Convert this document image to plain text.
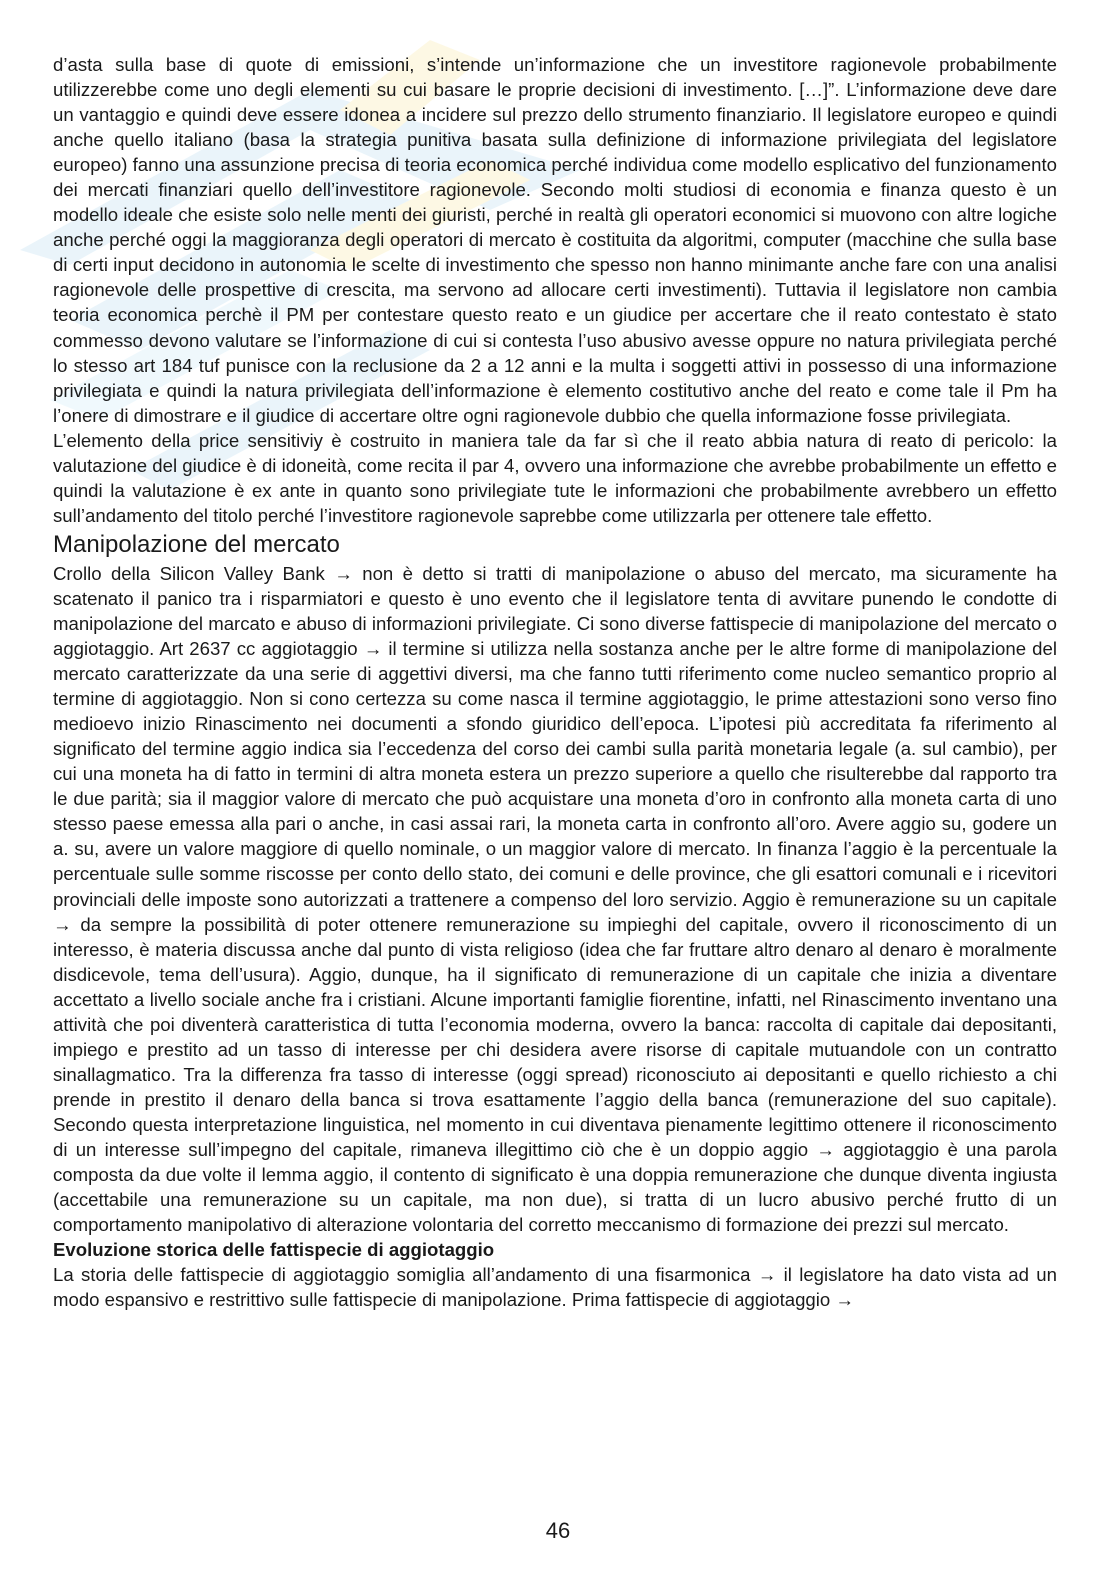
d’asta sulla base di quote di emissioni, s’intende un’informazione che un investitore ragionevole probabilmente utilizzerebbe come uno degli elementi su cui basare le proprie decisioni di investimento. […]”. L’informazione deve dare un vantaggio e quindi deve essere idonea a incidere sul prezzo dello strumento finanziario. Il legislatore europeo e quindi anche quello italiano (basa la strategia punitiva basata sulla definizione di informazione privilegiata del legislatore europeo) fanno una assunzione precisa di teoria economica perché individua come modello esplicativo del funzionamento dei mercati finanziari quello dell’investitore ragionevole. Secondo molti studiosi di economia e finanza questo è un modello ideale che esiste solo nelle menti dei giuristi, perché in realtà gli operatori economici si muovono con altre logiche anche perché oggi la maggioranza degli operatori di mercato è costituita da algoritmi, computer (macchine che sulla base di certi input decidono in autonomia le scelte di investimento che spesso non hanno minimante anche fare con una analisi ragionevole delle prospettive di crescita, ma servono ad allocare certi investimenti). Tuttavia il legislatore non cambia teoria economica perchè il PM per contestare questo reato e un giudice per accertare che il reato contestato è stato commesso devono valutare se l’informazione di cui si contesta l’uso abusivo avesse oppure no natura privilegiata perché lo stesso art 184 tuf punisce con la reclusione da 2 a 12 anni e la multa i soggetti attivi in possesso di una informazione privilegiata e quindi la natura privilegiata dell’informazione è elemento costitutivo anche del reato e come tale il Pm ha l’onere di dimostrare e il giudice di accertare oltre ogni ragionevole dubbio che quella informazione fosse privilegiata.

L’elemento della price sensitiviy è costruito in maniera tale da far sì che il reato abbia natura di reato di pericolo: la valutazione del giudice è di idoneità, come recita il par 4, ovvero una informazione che avrebbe probabilmente un effetto e quindi la valutazione è ex ante in quanto sono privilegiate tute le informazioni che probabilmente avrebbero un effetto sull’andamento del titolo perché l’investitore ragionevole saprebbe come utilizzarla per ottenere tale effetto.

Manipolazione del mercato

Crollo della Silicon Valley Bank → non è detto si tratti di manipolazione o abuso del mercato, ma sicuramente ha scatenato il panico tra i risparmiatori e questo è uno evento che il legislatore tenta di avvitare punendo le condotte di manipolazione del marcato e abuso di informazioni privilegiate. Ci sono diverse fattispecie di manipolazione del mercato o aggiotaggio. Art 2637 cc aggiotaggio → il termine si utilizza nella sostanza anche per le altre forme di manipolazione del mercato caratterizzate da una serie di aggettivi diversi, ma che fanno tutti riferimento come nucleo semantico proprio al termine di aggiotaggio. Non si cono certezza su come nasca il termine aggiotaggio, le prime attestazioni sono verso fino medioevo inizio Rinascimento nei documenti a sfondo giuridico dell’epoca. L’ipotesi più accreditata fa riferimento al significato del termine aggio indica sia l’eccedenza del corso dei cambi sulla parità monetaria legale (a. sul cambio), per cui una moneta ha di fatto in termini di altra moneta estera un prezzo superiore a quello che risulterebbe dal rapporto tra le due parità; sia il maggior valore di mercato che può acquistare una moneta d’oro in confronto alla moneta carta di uno stesso paese emessa alla pari o anche, in casi assai rari, la moneta carta in confronto all’oro. Avere aggio su, godere un a. su, avere un valore maggiore di quello nominale, o un maggior valore di mercato. In finanza l’aggio è la percentuale la percentuale sulle somme riscosse per conto dello stato, dei comuni e delle province, che gli esattori comunali e i ricevitori provinciali delle imposte sono autorizzati a trattenere a compenso del loro servizio. Aggio è remunerazione su un capitale → da sempre la possibilità di poter ottenere remunerazione su impieghi del capitale, ovvero il riconoscimento di un interesso, è materia discussa anche dal punto di vista religioso (idea che far fruttare altro denaro al denaro è moralmente disdicevole, tema dell’usura). Aggio, dunque, ha il significato di remunerazione di un capitale che inizia a diventare accettato a livello sociale anche fra i cristiani. Alcune importanti famiglie fiorentine, infatti, nel Rinascimento inventano una attività che poi diventerà caratteristica di tutta l’economia moderna, ovvero la banca: raccolta di capitale dai depositanti, impiego e prestito ad un tasso di interesse per chi desidera avere risorse di capitale mutuandole con un contratto sinallagmatico. Tra la differenza fra tasso di interesse (oggi spread) riconosciuto ai depositanti e quello richiesto a chi prende in prestito il denaro della banca si trova esattamente l’aggio della banca (remunerazione del suo capitale). Secondo questa interpretazione linguistica, nel momento in cui diventava pienamente legittimo ottenere il riconoscimento di un interesse sull’impegno del capitale, rimaneva illegittimo ciò che è un doppio aggio → aggiotaggio è una parola composta da due volte il lemma aggio, il contento di significato è una doppia remunerazione che dunque diventa ingiusta (accettabile una remunerazione su un capitale, ma non due), si tratta di un lucro abusivo perché frutto di un comportamento manipolativo di alterazione volontaria del corretto meccanismo di formazione dei prezzi sul mercato.

Evoluzione storica delle fattispecie di aggiotaggio

La storia delle fattispecie di aggiotaggio somiglia all’andamento di una fisarmonica → il legislatore ha dato vista ad un modo espansivo e restrittivo sulle fattispecie di manipolazione. Prima fattispecie di aggiotaggio →

46
